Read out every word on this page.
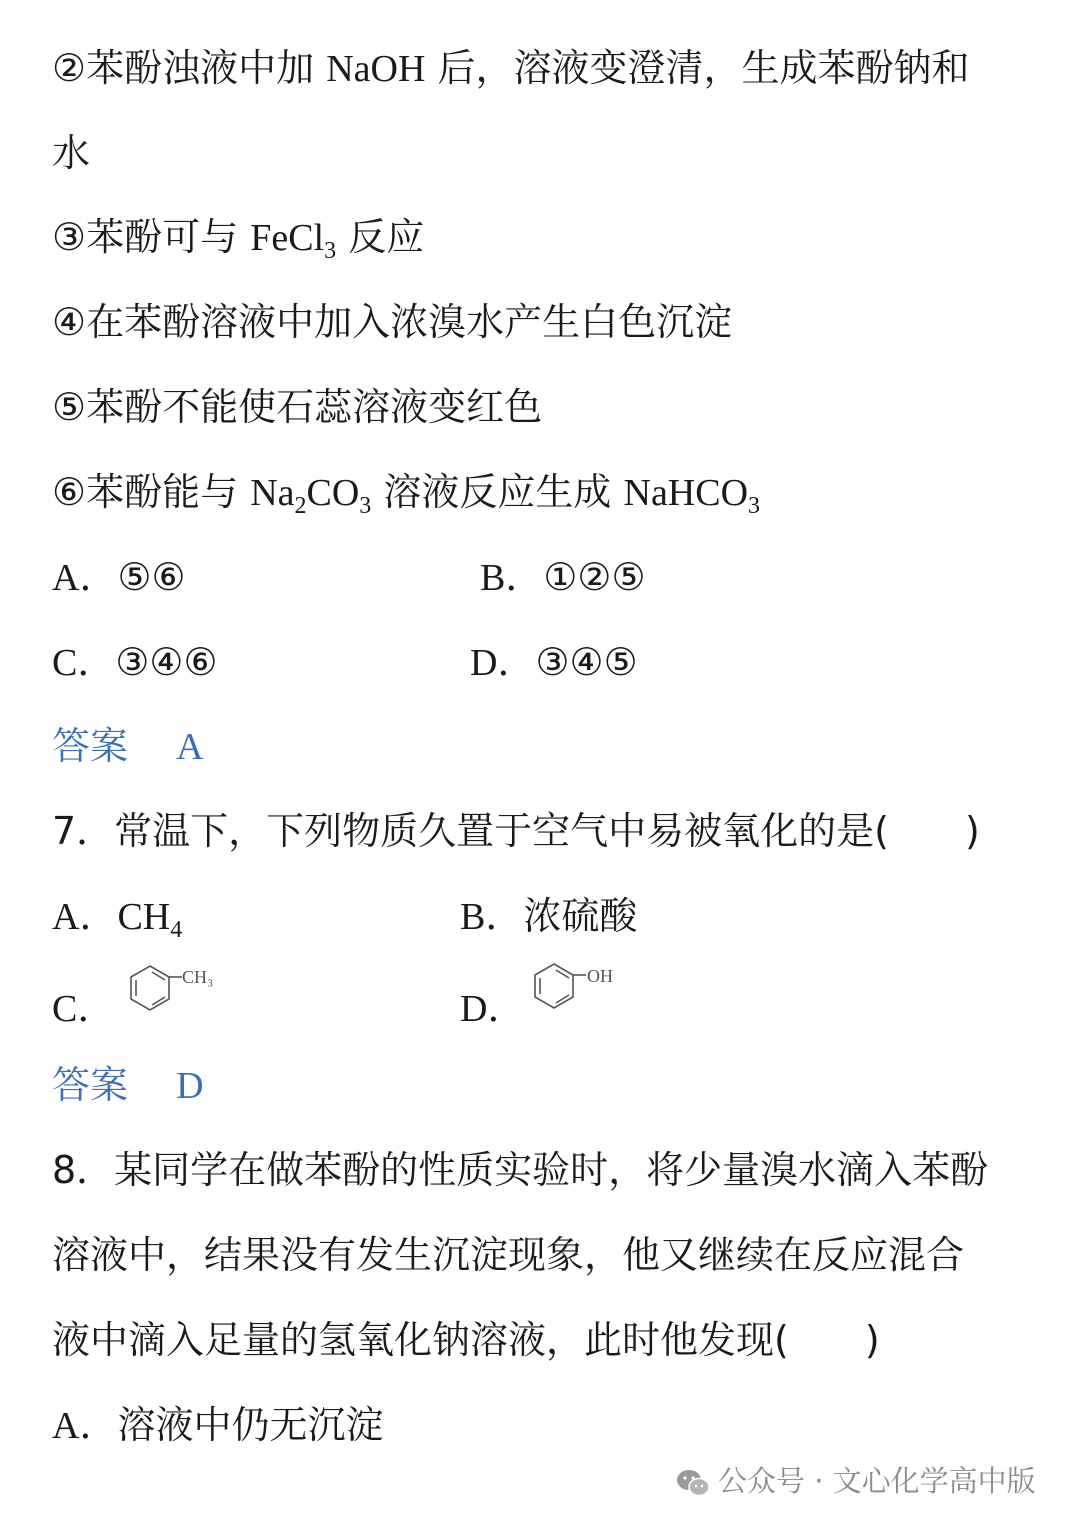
②苯酚浊液中加 NaOH 后，溶液变澄清，生成苯酚钠和
水
③苯酚可与 FeCl$_3$ 反应
④在苯酚溶液中加入浓溴水产生白色沉淀
⑤苯酚不能使石蕊溶液变红色
⑥苯酚能与 $Na_2CO_3$ 溶液反应生成 NaHCO$_3$
A．⑤⑥	B．①②⑤
C．③④⑥	D．③④⑤
答案 A
7．常温下，下列物质久置于空气中易被氧化的是(　　)
A．$CH_4$	B．浓硫酸
C．
CH₃
D．
OH
答案 D
8．某同学在做苯酚的性质实验时，将少量溴水滴入苯酚
溶液中，结果没有发生沉淀现象，他又继续在反应混合
液中滴入足量的氢氧化钠溶液，此时他发现(　　)
A．溶液中仍无沉淀
公众号 · 文心化学高中版
